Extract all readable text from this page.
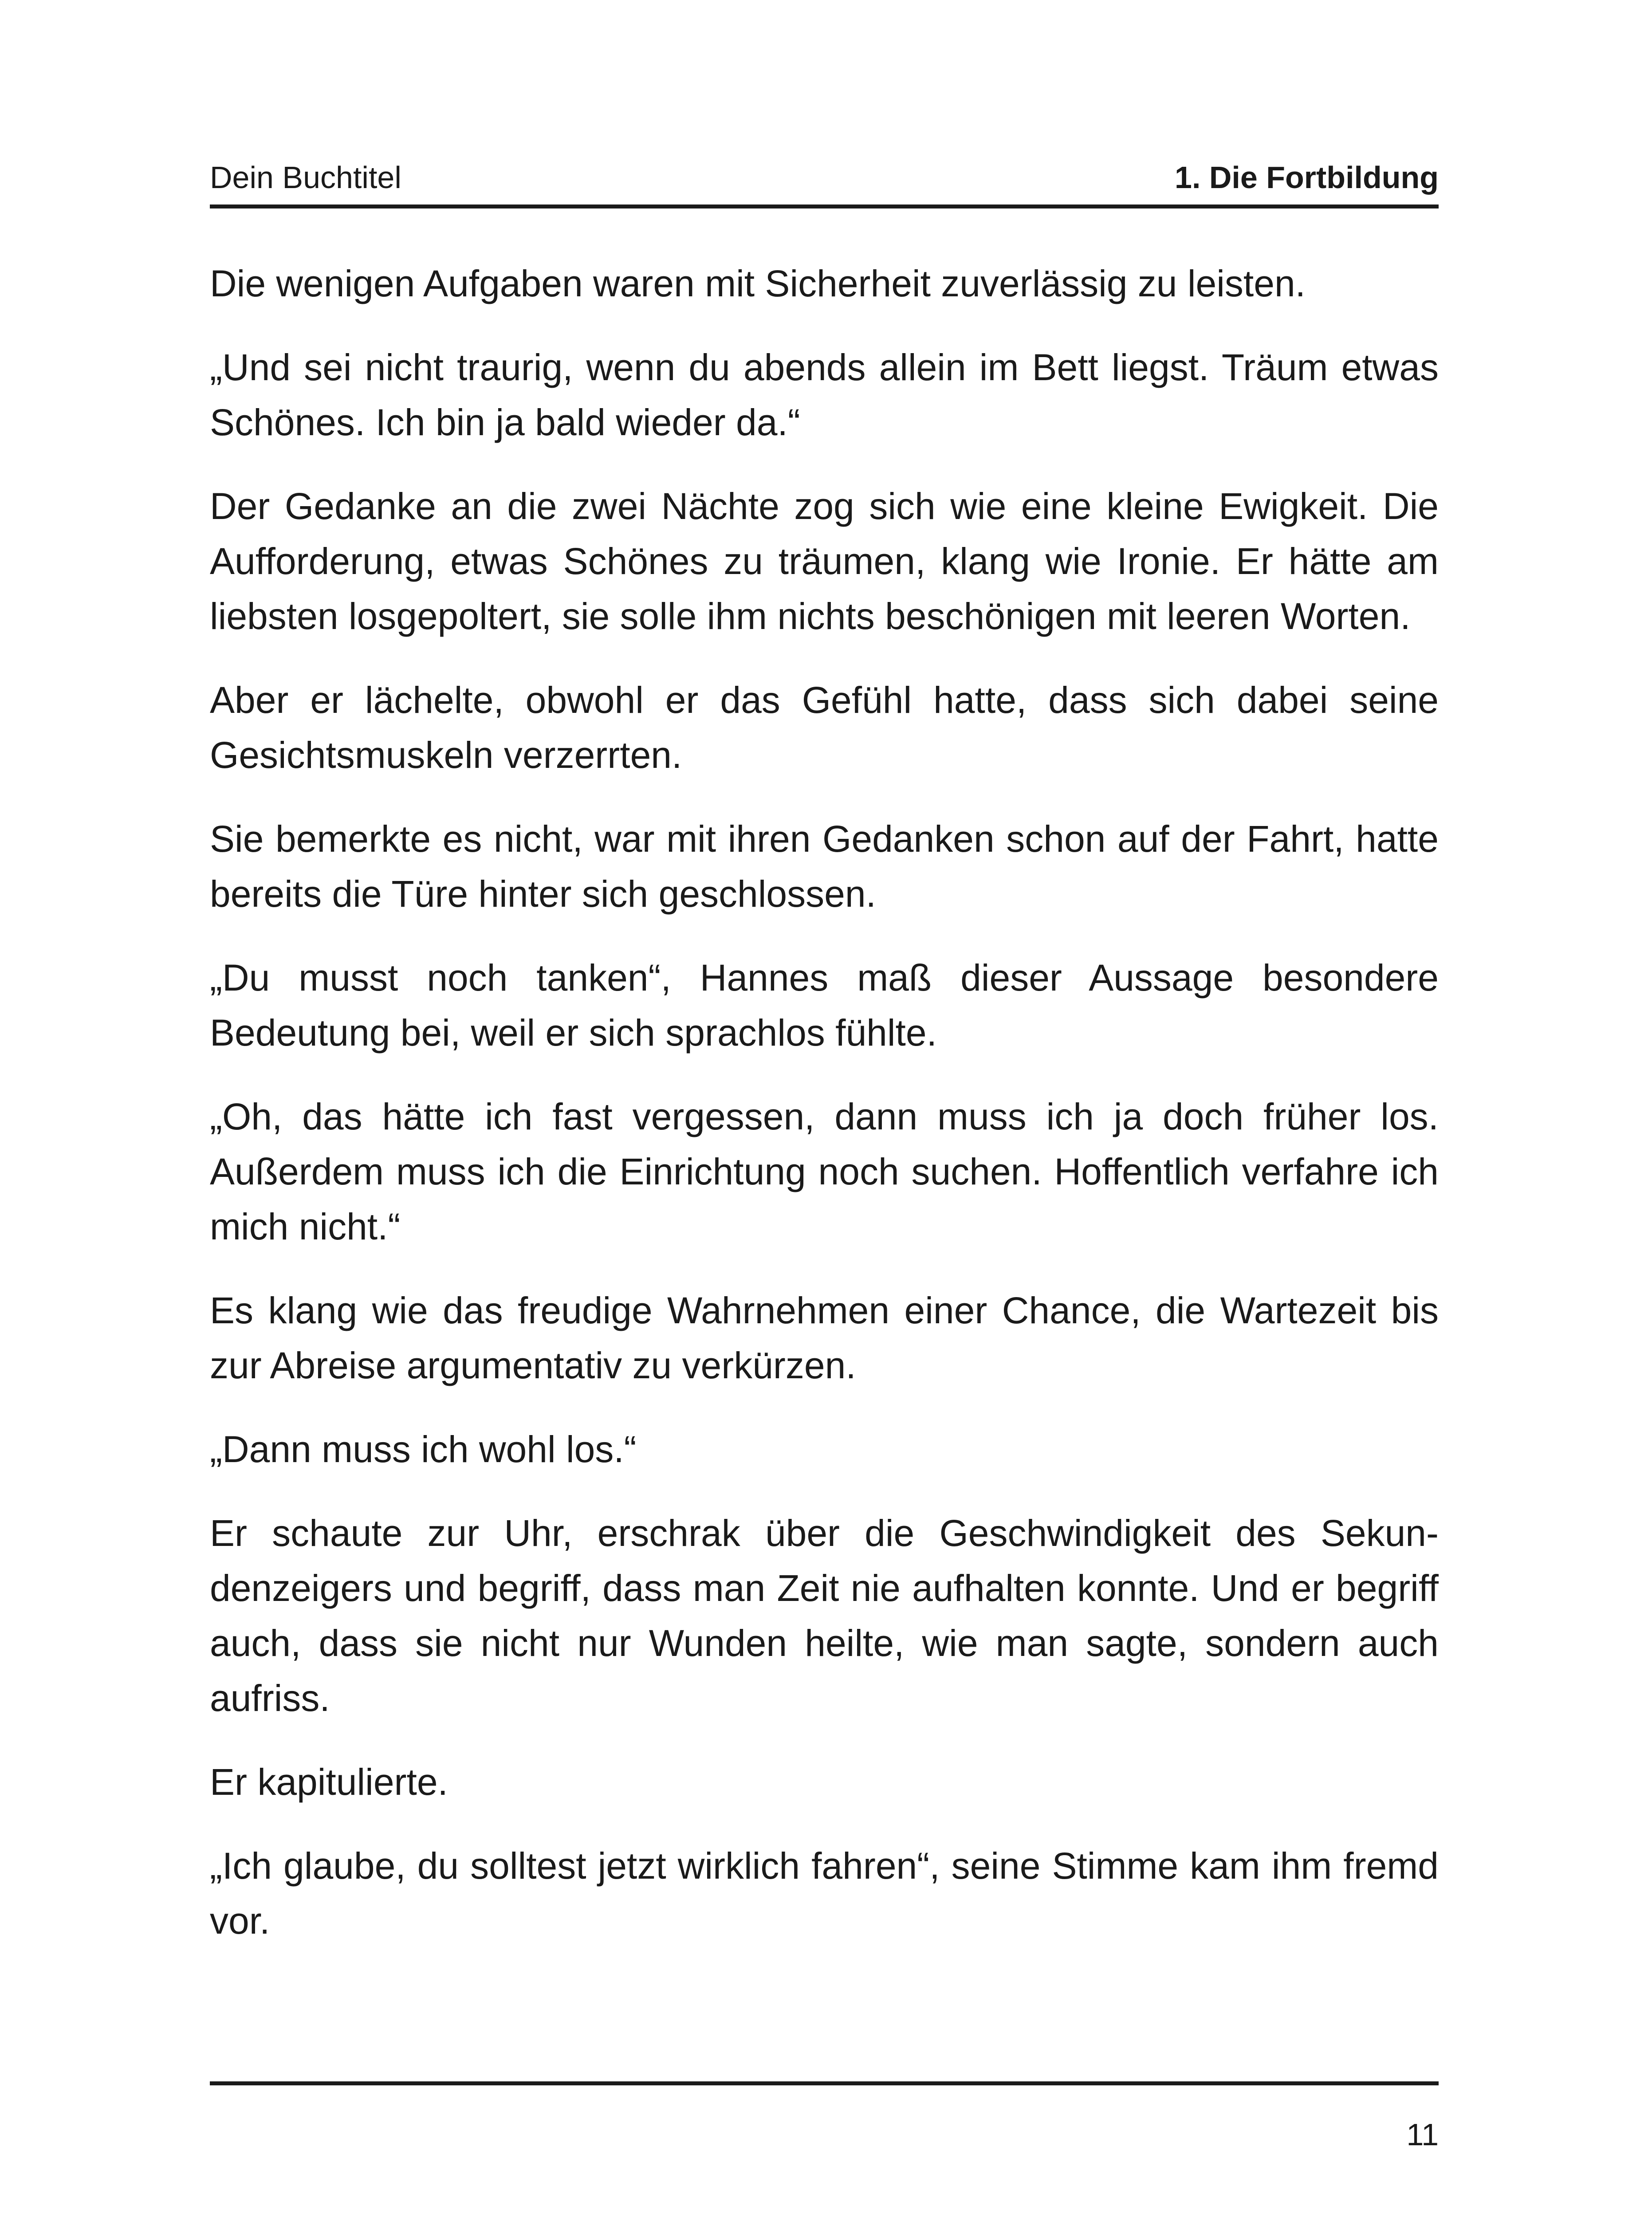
Dein Buchtitel	1. Die Fortbildung

Die wenigen Aufgaben waren mit Sicherheit zuverlässig zu leisten.

„Und sei nicht traurig, wenn du abends allein im Bett liegst. Träum etwas Schönes. Ich bin ja bald wieder da.“

Der Gedanke an die zwei Nächte zog sich wie eine kleine Ewigkeit. Die Aufforderung, etwas Schönes zu träumen, klang wie Ironie. Er hätte am liebsten losgepoltert, sie solle ihm nichts beschönigen mit leeren Worten.

Aber er lächelte, obwohl er das Gefühl hatte, dass sich dabei seine Gesichtsmuskeln verzerrten.

Sie bemerkte es nicht, war mit ihren Gedanken schon auf der Fahrt, hatte bereits die Türe hinter sich geschlossen.

„Du musst noch tanken“, Hannes maß dieser Aussage besondere Bedeutung bei, weil er sich sprachlos fühlte.

„Oh, das hätte ich fast vergessen, dann muss ich ja doch früher los. Außerdem muss ich die Einrichtung noch suchen. Hoffentlich verfahre ich mich nicht.“

Es klang wie das freudige Wahrnehmen einer Chance, die Wartezeit bis zur Abreise argumentativ zu verkürzen.

„Dann muss ich wohl los.“

Er schaute zur Uhr, erschrak über die Geschwindigkeit des Sekundenzeigers und begriff, dass man Zeit nie aufhalten konnte. Und er begriff auch, dass sie nicht nur Wunden heilte, wie man sagte, sondern auch aufriss.

Er kapitulierte.

„Ich glaube, du solltest jetzt wirklich fahren“, seine Stimme kam ihm fremd vor.

11
